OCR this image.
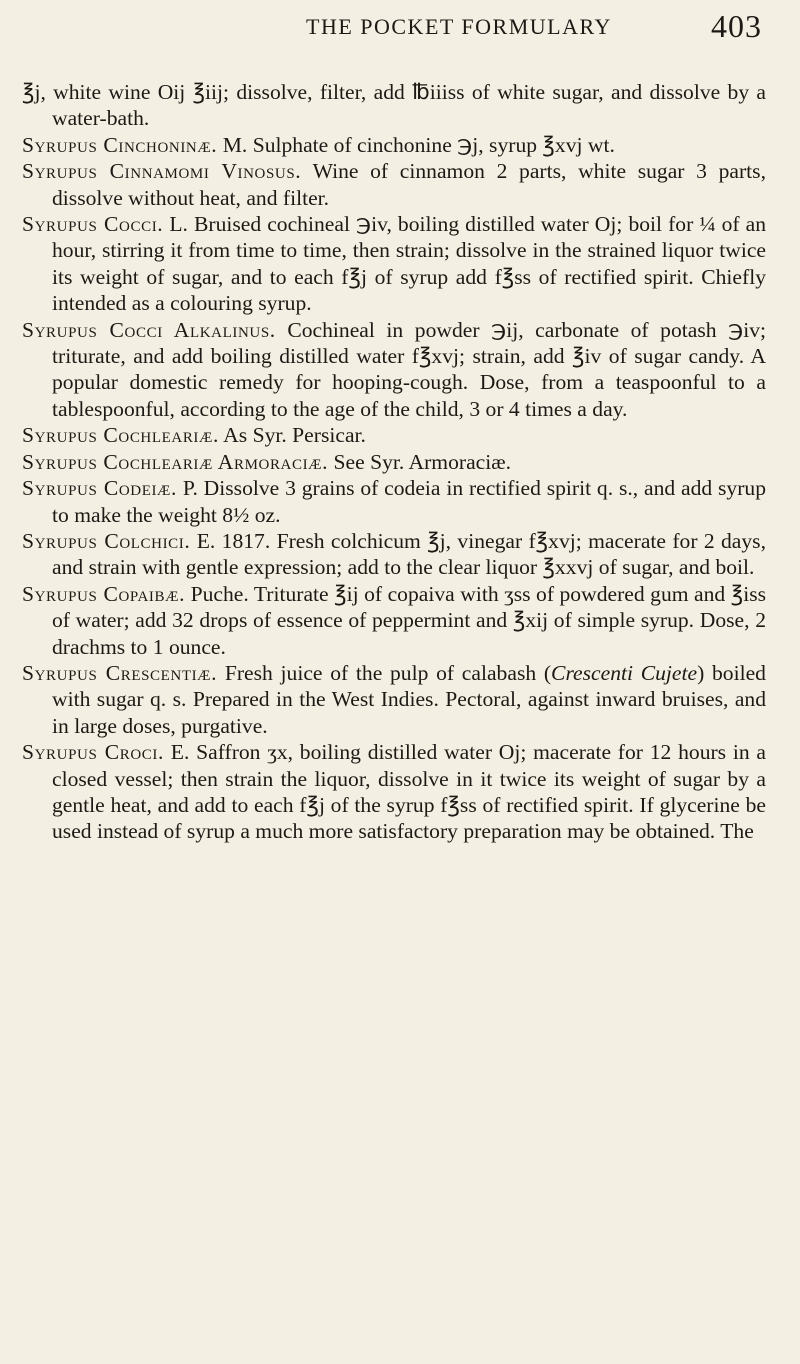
THE POCKET FORMULARY	403

℥j, white wine Oij ℥iij; dissolve, filter, add ℔iiiss of white sugar, and dissolve by a water-bath.

Syrupus Cinchoninæ. M. Sulphate of cinchonine ℈j, syrup ℥xvj wt.

Syrupus Cinnamomi Vinosus. Wine of cinnamon 2 parts, white sugar 3 parts, dissolve without heat, and filter.

Syrupus Cocci. L. Bruised cochineal ℈iv, boiling distilled water Oj; boil for ¼ of an hour, stirring it from time to time, then strain; dissolve in the strained liquor twice its weight of sugar, and to each f℥j of syrup add f℥ss of rectified spirit. Chiefly intended as a colouring syrup.

Syrupus Cocci Alkalinus. Cochineal in powder ℈ij, carbonate of potash ℈iv; triturate, and add boiling distilled water f℥xvj; strain, add ℥iv of sugar candy. A popular domestic remedy for hooping-cough. Dose, from a teaspoonful to a tablespoonful, according to the age of the child, 3 or 4 times a day.

Syrupus Cochleariæ. As Syr. Persicar.

Syrupus Cochleariæ Armoraciæ. See Syr. Armoraciæ.

Syrupus Codeiæ. P. Dissolve 3 grains of codeia in rectified spirit q. s., and add syrup to make the weight 8½ oz.

Syrupus Colchici. E. 1817. Fresh colchicum ℥j, vinegar f℥xvj; macerate for 2 days, and strain with gentle expression; add to the clear liquor ℥xxvj of sugar, and boil.

Syrupus Copaibæ. Puche. Triturate ℥ij of copaiva with ʒss of powdered gum and ℥iss of water; add 32 drops of essence of peppermint and ℥xij of simple syrup. Dose, 2 drachms to 1 ounce.

Syrupus Crescentiæ. Fresh juice of the pulp of calabash (Crescenti Cujete) boiled with sugar q. s. Prepared in the West Indies. Pectoral, against inward bruises, and in large doses, purgative.

Syrupus Croci. E. Saffron ʒx, boiling distilled water Oj; macerate for 12 hours in a closed vessel; then strain the liquor, dissolve in it twice its weight of sugar by a gentle heat, and add to each f℥j of the syrup f℥ss of rectified spirit. If glycerine be used instead of syrup a much more satisfactory preparation may be obtained. The
